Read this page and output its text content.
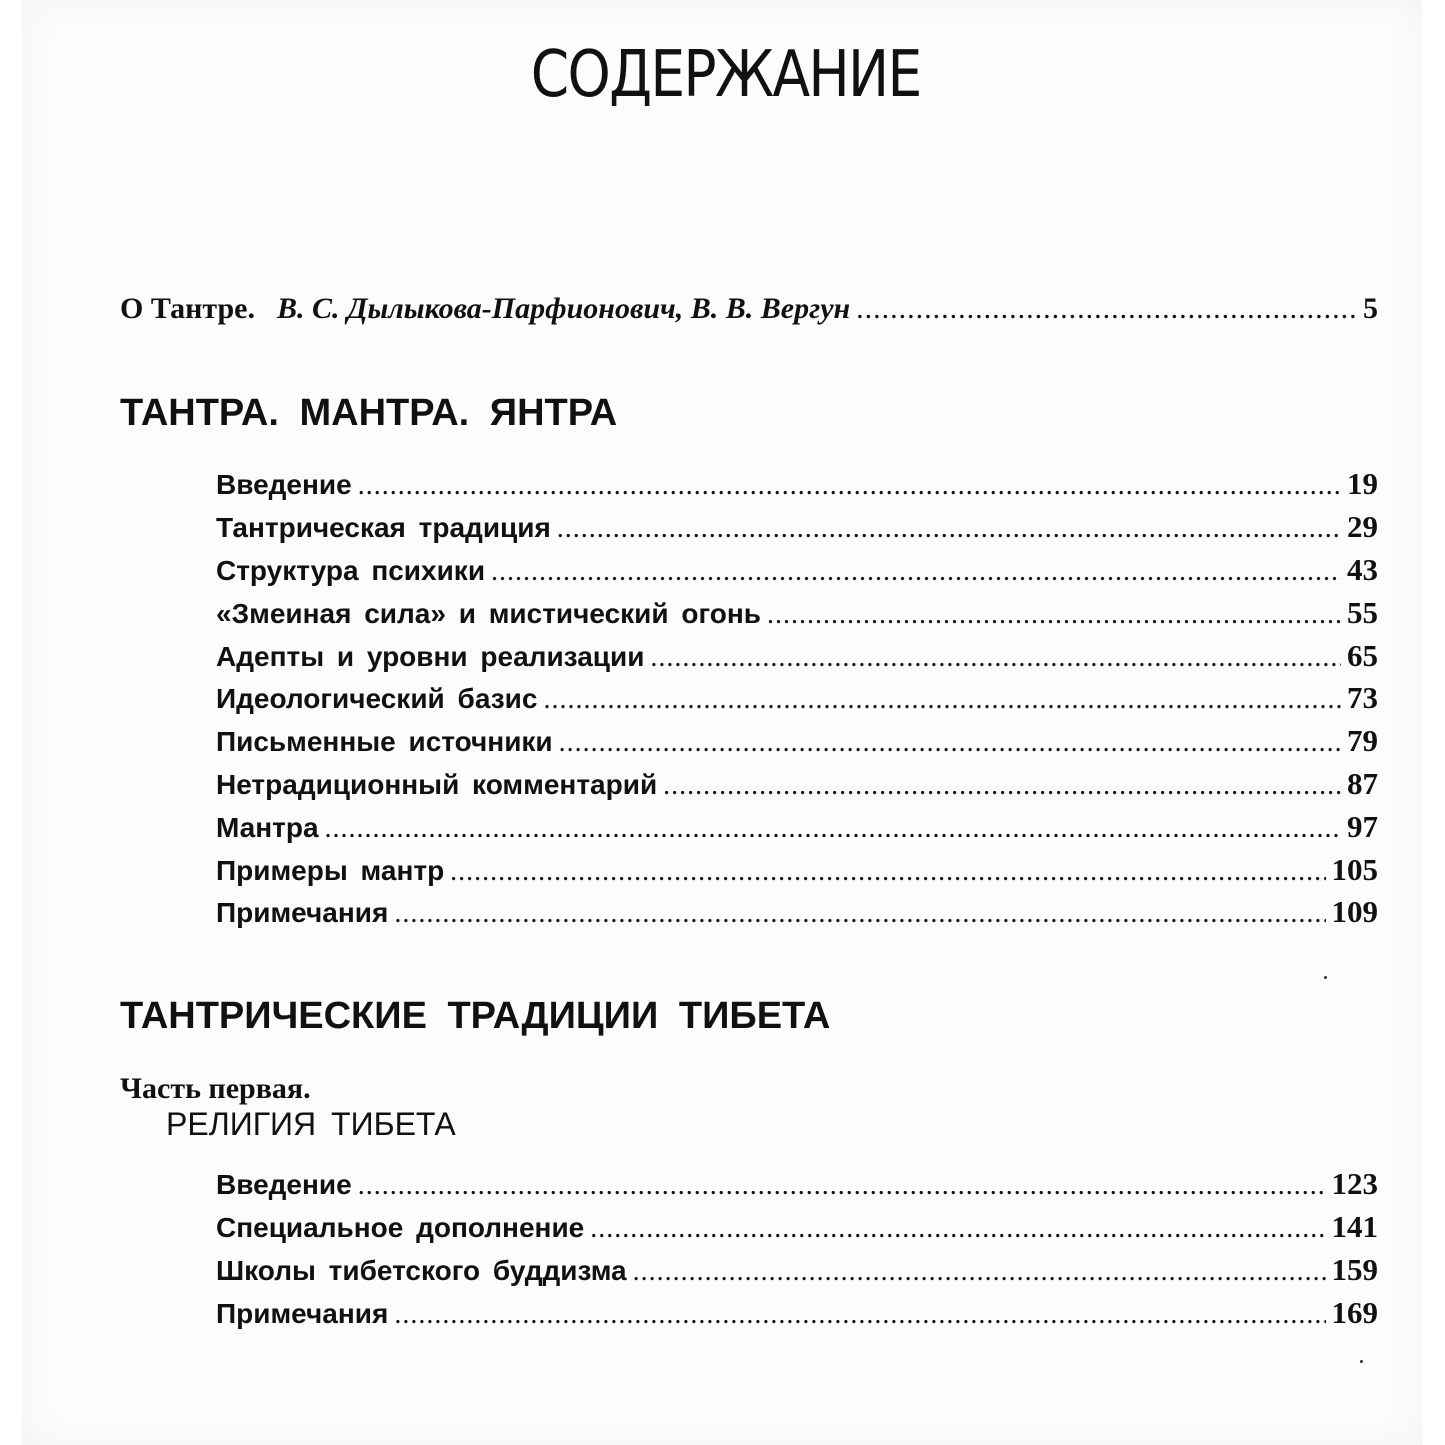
СОДЕРЖАНИЕ
О Тантре. В. С. Дылыкова-Парфионович, В. В. Вергун .....	5
ТАНТРА. МАНТРА. ЯНТРА
Введение .....	19
Тантрическая традиция .....	29
Структура психики .....	43
«Змеиная сила» и мистический огонь .....	55
Адепты и уровни реализации .....	65
Идеологический базис .....	73
Письменные источники .....	79
Нетрадиционный комментарий .....	87
Мантра .....	97
Примеры мантр .....	105
Примечания .....	109
ТАНТРИЧЕСКИЕ ТРАДИЦИИ ТИБЕТА
Часть первая.
РЕЛИГИЯ ТИБЕТА
Введение .....	123
Специальное дополнение .....	141
Школы тибетского буддизма .....	159
Примечания .....	169
